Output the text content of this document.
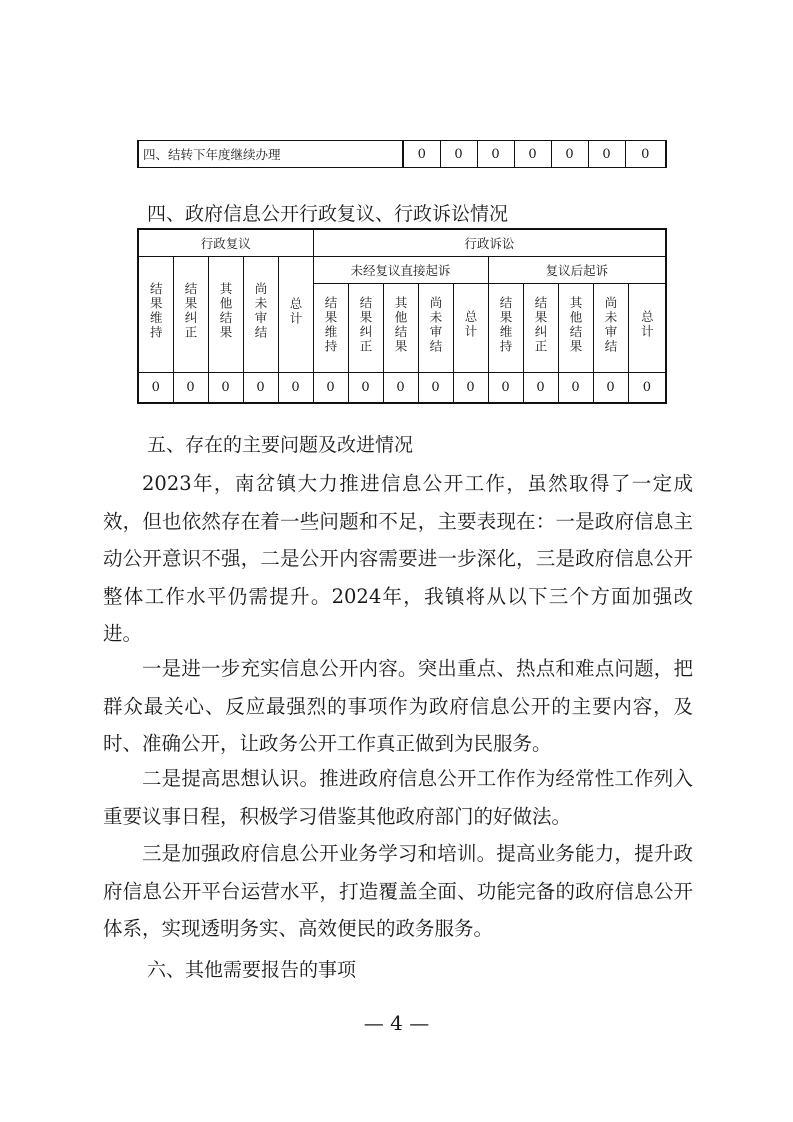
四、结转下年度继续办理	0	0	0	0	0	0	0
四、政府信息公开行政复议、行政诉讼情况
行政复议					行政诉讼									
结果维持	结果纠正	其他结果	尚未审结	总计	未经复议直接起诉					复议后起诉				
					结果维持	结果纠正	其他结果	尚未审结	总计	结果维持	结果纠正	其他结果	尚未审结	总计
0	0	0	0	0	0	0	0	0	0	0	0	0	0	0
五、存在的主要问题及改进情况

2023年，南岔镇大力推进信息公开工作，虽然取得了一定成效，但也依然存在着一些问题和不足，主要表现在：一是政府信息主动公开意识不强，二是公开内容需要进一步深化，三是政府信息公开整体工作水平仍需提升。2024年，我镇将从以下三个方面加强改进。

一是进一步充实信息公开内容。突出重点、热点和难点问题，把群众最关心、反应最强烈的事项作为政府信息公开的主要内容，及时、准确公开，让政务公开工作真正做到为民服务。

二是提高思想认识。推进政府信息公开工作作为经常性工作列入重要议事日程，积极学习借鉴其他政府部门的好做法。

三是加强政府信息公开业务学习和培训。提高业务能力，提升政府信息公开平台运营水平，打造覆盖全面、功能完备的政府信息公开体系，实现透明务实、高效便民的政务服务。

六、其他需要报告的事项
— 4 —
